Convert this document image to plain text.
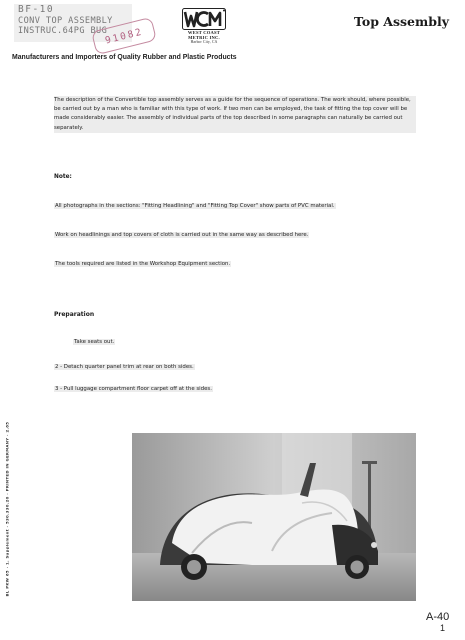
BF-10
CONV TOP ASSEMBLY
INSTRUC.64PG BUG
91082	WEST COAST
METRIC INC.
Harbor City, CA
Manufacturers and Importers of Quality Rubber and Plastic Products
Top Assembly
The description of the Convertible top assembly serves as a guide for the sequence of operations. The work should, where possible, be carried out by a man who is familiar with this type of work. If two men can be employed, the task of fitting the top cover will be made considerably easier. The assembly of individual parts of the top described in some paragraphs can naturally be carried out separately.
Note:
All photographs in the sections: "Fitting Headlining" and "Fitting Top Cover" show parts of PVC material.
Work on headlinings and top covers of cloth is carried out in the same way as described here.
The tools required are listed in the Workshop Equipment section.
Preparation
Take seats out.
2 - Detach quarter panel trim at rear on both sides.
3 - Pull luggage compartment floor carpet off at the sides.
BL PKW 65 · 1. Supplement · 530.330.20 · PRINTED IN GERMANY · 2.65
A-40
1
